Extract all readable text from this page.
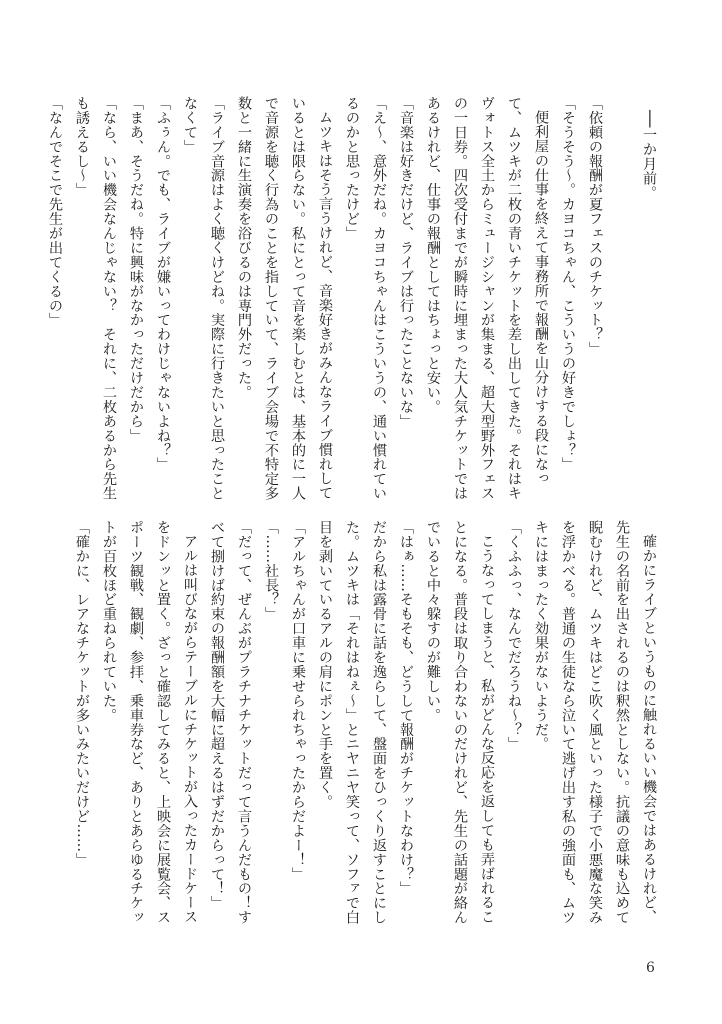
──一か月前。

「依頼の報酬が夏フェスのチケット？」

「そうそう～。カヨコちゃん、こういうの好きでしょ？」

便利屋の仕事を終えて事務所で報酬を山分けする段になって、ムツキが二枚の青いチケットを差し出してきた。それはキヴォトス全土からミュージシャンが集まる、超大型野外フェスの一日券。四次受付までが瞬時に埋まった大人気チケットではあるけれど、仕事の報酬としてはちょっと安い。

「音楽は好きだけど、ライブは行ったことないな」

「え～、意外だね。カヨコちゃんはこういうの、通い慣れているのかと思ったけど」

ムツキはそう言うけれど、音楽好きがみんなライブ慣れしているとは限らない。私にとって音を楽しむとは、基本的に一人で音源を聴く行為のことを指していて、ライブ会場で不特定多数と一緒に生演奏を浴びるのは専門外だった。

「ライブ音源はよく聴くけどね。実際に行きたいと思ったことなくて」

「ふぅん。でも、ライブが嫌いってわけじゃないよね？」

「まあ、そうだね。特に興味がなかっただけだから」

「なら、いい機会なんじゃない？　それに、二枚あるから先生も誘えるし～」

「なんでそこで先生が出てくるの」

確かにライブというものに触れるいい機会ではあるけれど、先生の名前を出されるのは釈然としない。抗議の意味も込めて睨むけれど、ムツキはどこ吹く風といった様子で小悪魔な笑みを浮かべる。普通の生徒なら泣いて逃げ出す私の強面も、ムツキにはまったく効果がないようだ。

「くふふっ、なんでだろうね～？」

こうなってしまうと、私がどんな反応を返しても弄ばれることになる。普段は取り合わないのだけれど、先生の話題が絡んでいると中々躱すのが難しい。

「はぁ……そもそも、どうして報酬がチケットなわけ？」

だから私は露骨に話を逸らして、盤面をひっくり返すことにした。ムツキは「それはねぇ～」とニヤニヤ笑って、ソファで白目を剥いているアルの肩にポンと手を置く。

「アルちゃんが口車に乗せられちゃったからだよー！」

「……社長？」

「だって、ぜんぶがプラチナチケットだって言うんだもの！すべて捌けば約束の報酬額を大幅に超えるはずだからって！」

アルは叫びながらテーブルにチケットが入ったカードケースをドンッと置く。ざっと確認してみると、上映会に展覧会、スポーツ観戦、観劇、参拝、乗車券など、ありとあらゆるチケットが百枚ほど重ねられていた。

「確かに、レアなチケットが多いみたいだけど……」

6
